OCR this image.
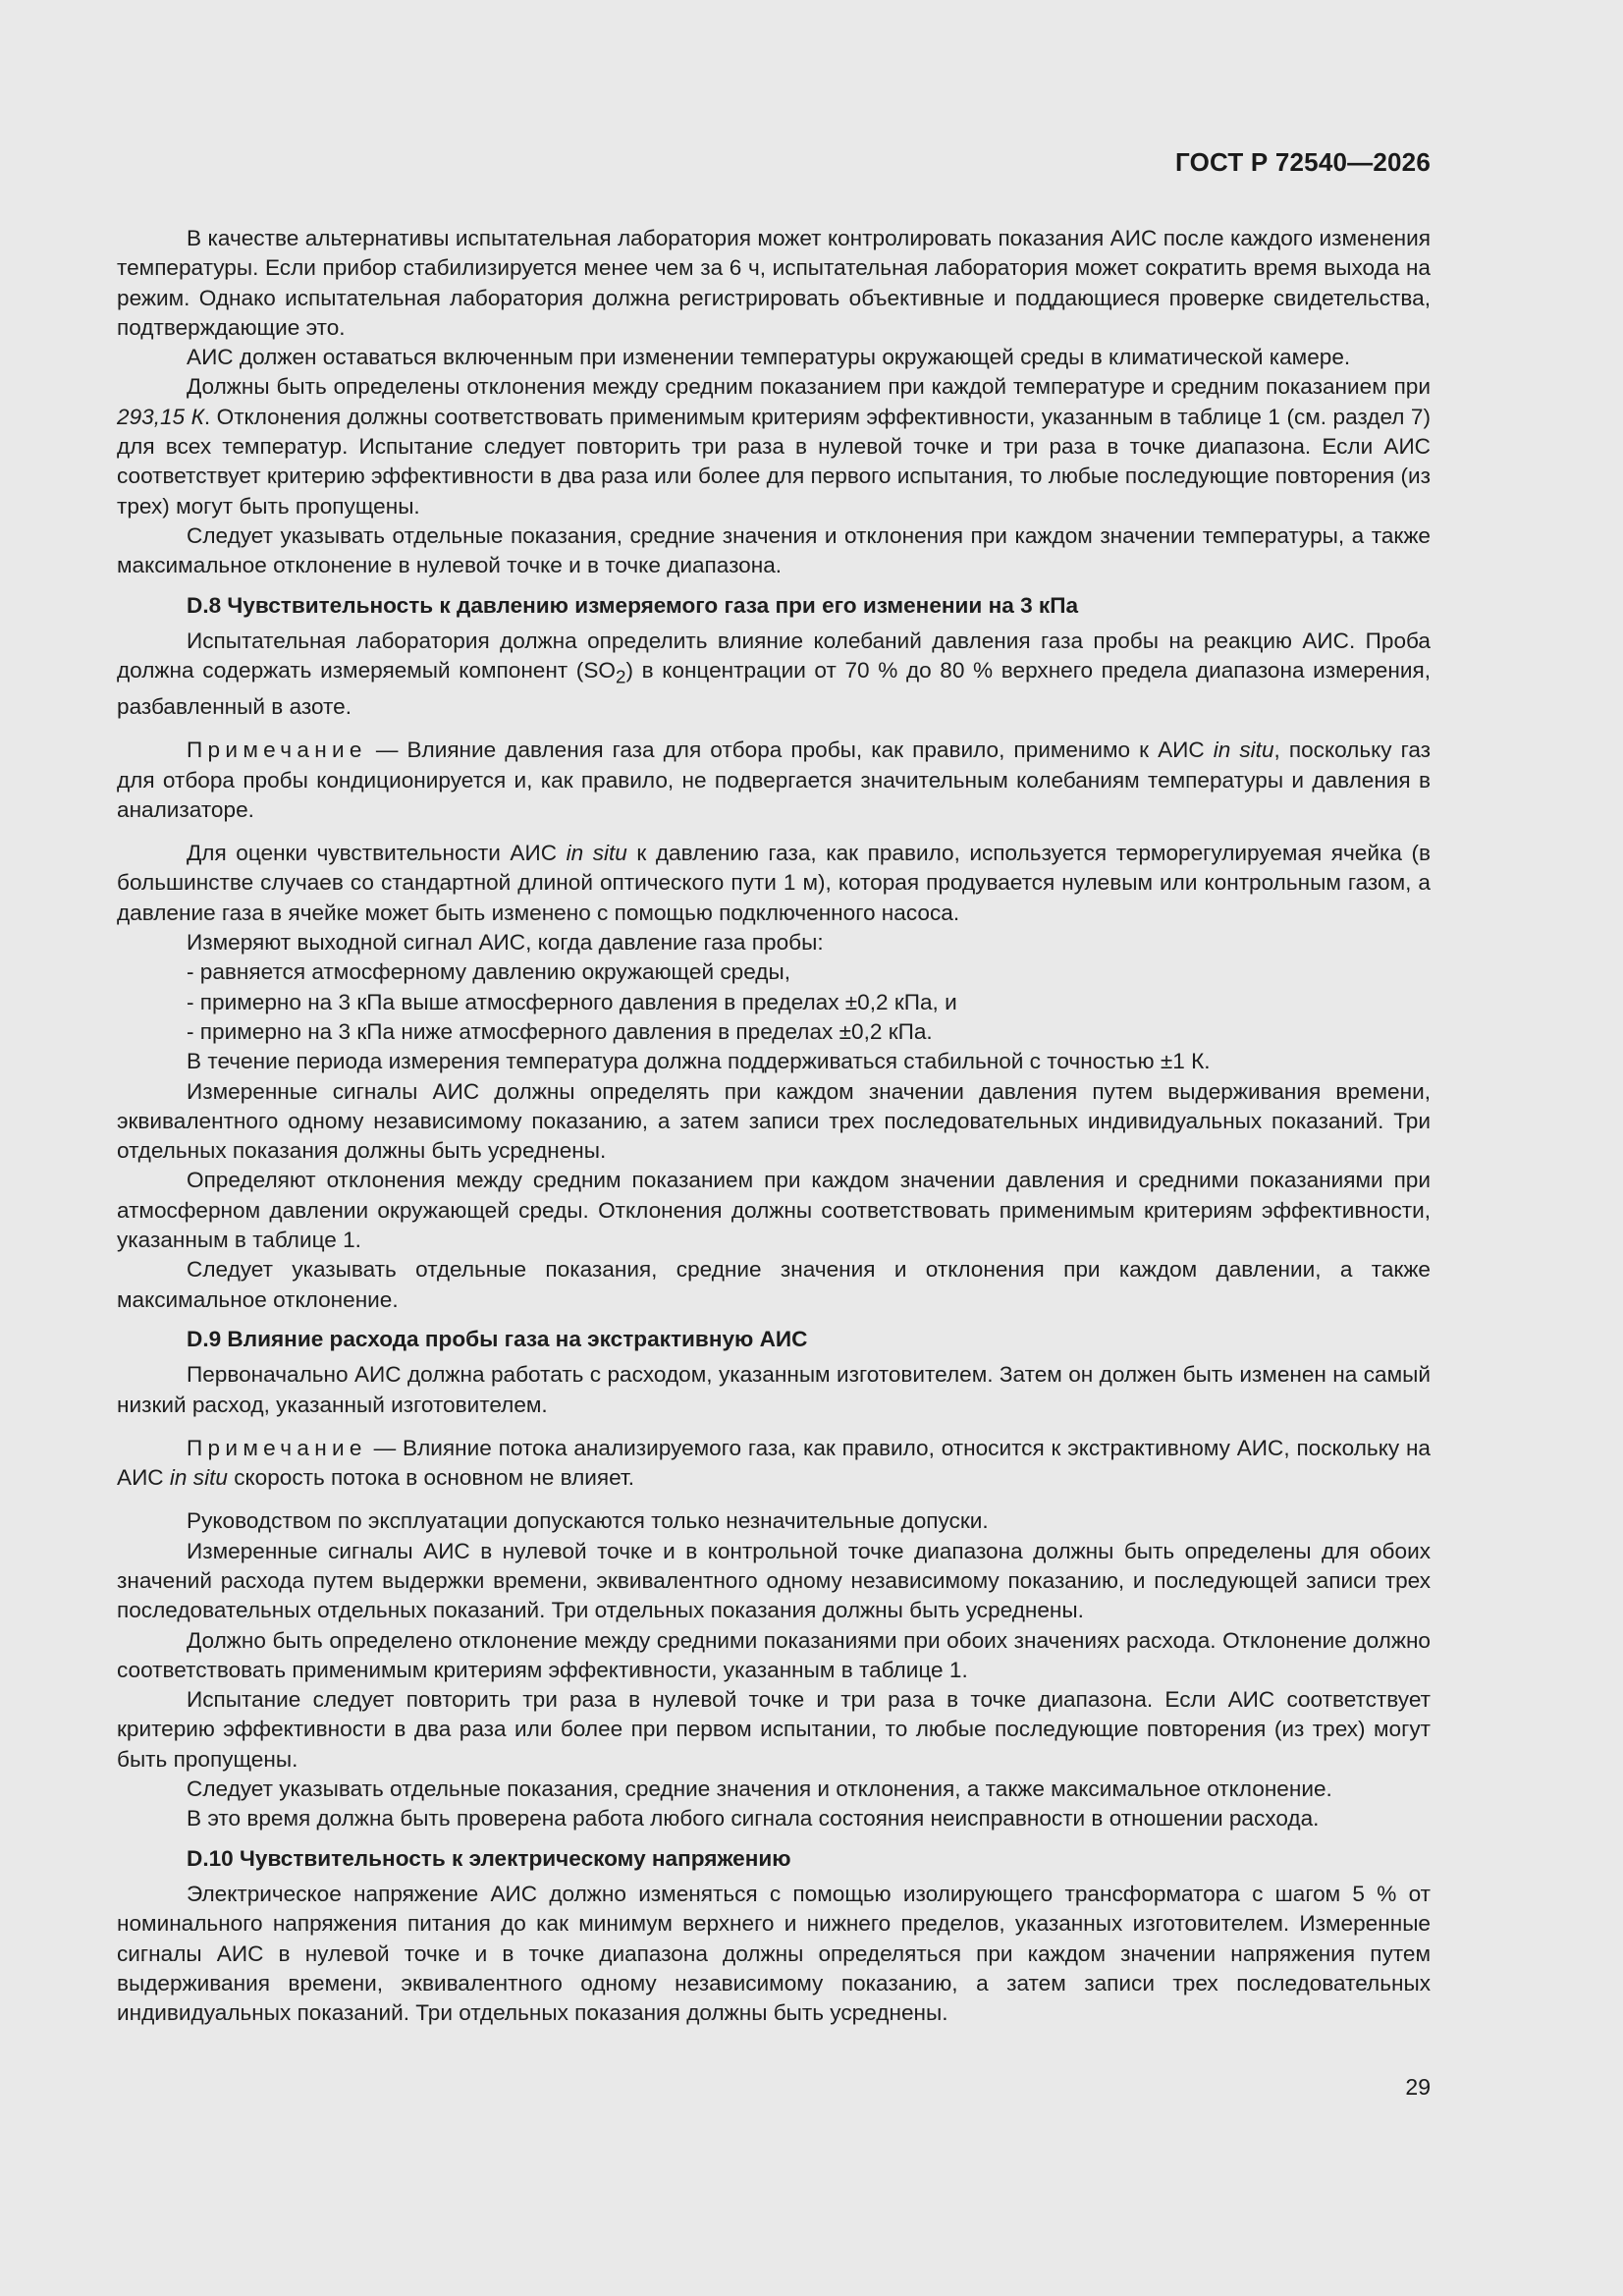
ГОСТ Р 72540—2026

В качестве альтернативы испытательная лаборатория может контролировать показания АИС после каждого изменения температуры. Если прибор стабилизируется менее чем за 6 ч, испытательная лаборатория может сократить время выхода на режим. Однако испытательная лаборатория должна регистрировать объективные и поддающиеся проверке свидетельства, подтверждающие это.

АИС должен оставаться включенным при изменении температуры окружающей среды в климатической камере.

Должны быть определены отклонения между средним показанием при каждой температуре и средним показанием при 293,15 К. Отклонения должны соответствовать применимым критериям эффективности, указанным в таблице 1 (см. раздел 7) для всех температур. Испытание следует повторить три раза в нулевой точке и три раза в точке диапазона. Если АИС соответствует критерию эффективности в два раза или более для первого испытания, то любые последующие повторения (из трех) могут быть пропущены.

Следует указывать отдельные показания, средние значения и отклонения при каждом значении температуры, а также максимальное отклонение в нулевой точке и в точке диапазона.

D.8 Чувствительность к давлению измеряемого газа при его изменении на 3 кПа

Испытательная лаборатория должна определить влияние колебаний давления газа пробы на реакцию АИС. Проба должна содержать измеряемый компонент $(SO_2)$ в концентрации от 70 % до 80 % верхнего предела диапазона измерения, разбавленный в азоте.

Примечание — Влияние давления газа для отбора пробы, как правило, применимо к АИС in situ, поскольку газ для отбора пробы кондиционируется и, как правило, не подвергается значительным колебаниям температуры и давления в анализаторе.

Для оценки чувствительности АИС in situ к давлению газа, как правило, используется терморегулируемая ячейка (в большинстве случаев со стандартной длиной оптического пути 1 м), которая продувается нулевым или контрольным газом, а давление газа в ячейке может быть изменено с помощью подключенного насоса.

Измеряют выходной сигнал АИС, когда давление газа пробы:

- равняется атмосферному давлению окружающей среды,

- примерно на 3 кПа выше атмосферного давления в пределах ±0,2 кПа, и

- примерно на 3 кПа ниже атмосферного давления в пределах ±0,2 кПа.

В течение периода измерения температура должна поддерживаться стабильной с точностью ±1 К.

Измеренные сигналы АИС должны определять при каждом значении давления путем выдерживания времени, эквивалентного одному независимому показанию, а затем записи трех последовательных индивидуальных показаний. Три отдельных показания должны быть усреднены.

Определяют отклонения между средним показанием при каждом значении давления и средними показаниями при атмосферном давлении окружающей среды. Отклонения должны соответствовать применимым критериям эффективности, указанным в таблице 1.

Следует указывать отдельные показания, средние значения и отклонения при каждом давлении, а также максимальное отклонение.

D.9 Влияние расхода пробы газа на экстрактивную АИС

Первоначально АИС должна работать с расходом, указанным изготовителем. Затем он должен быть изменен на самый низкий расход, указанный изготовителем.

Примечание — Влияние потока анализируемого газа, как правило, относится к экстрактивному АИС, поскольку на АИС in situ скорость потока в основном не влияет.

Руководством по эксплуатации допускаются только незначительные допуски.

Измеренные сигналы АИС в нулевой точке и в контрольной точке диапазона должны быть определены для обоих значений расхода путем выдержки времени, эквивалентного одному независимому показанию, и последующей записи трех последовательных отдельных показаний. Три отдельных показания должны быть усреднены.

Должно быть определено отклонение между средними показаниями при обоих значениях расхода. Отклонение должно соответствовать применимым критериям эффективности, указанным в таблице 1.

Испытание следует повторить три раза в нулевой точке и три раза в точке диапазона. Если АИС соответствует критерию эффективности в два раза или более при первом испытании, то любые последующие повторения (из трех) могут быть пропущены.

Следует указывать отдельные показания, средние значения и отклонения, а также максимальное отклонение.

В это время должна быть проверена работа любого сигнала состояния неисправности в отношении расхода.

D.10 Чувствительность к электрическому напряжению

Электрическое напряжение АИС должно изменяться с помощью изолирующего трансформатора с шагом 5 % от номинального напряжения питания до как минимум верхнего и нижнего пределов, указанных изготовителем. Измеренные сигналы АИС в нулевой точке и в точке диапазона должны определяться при каждом значении напряжения путем выдерживания времени, эквивалентного одному независимому показанию, а затем записи трех последовательных индивидуальных показаний. Три отдельных показания должны быть усреднены.

29
